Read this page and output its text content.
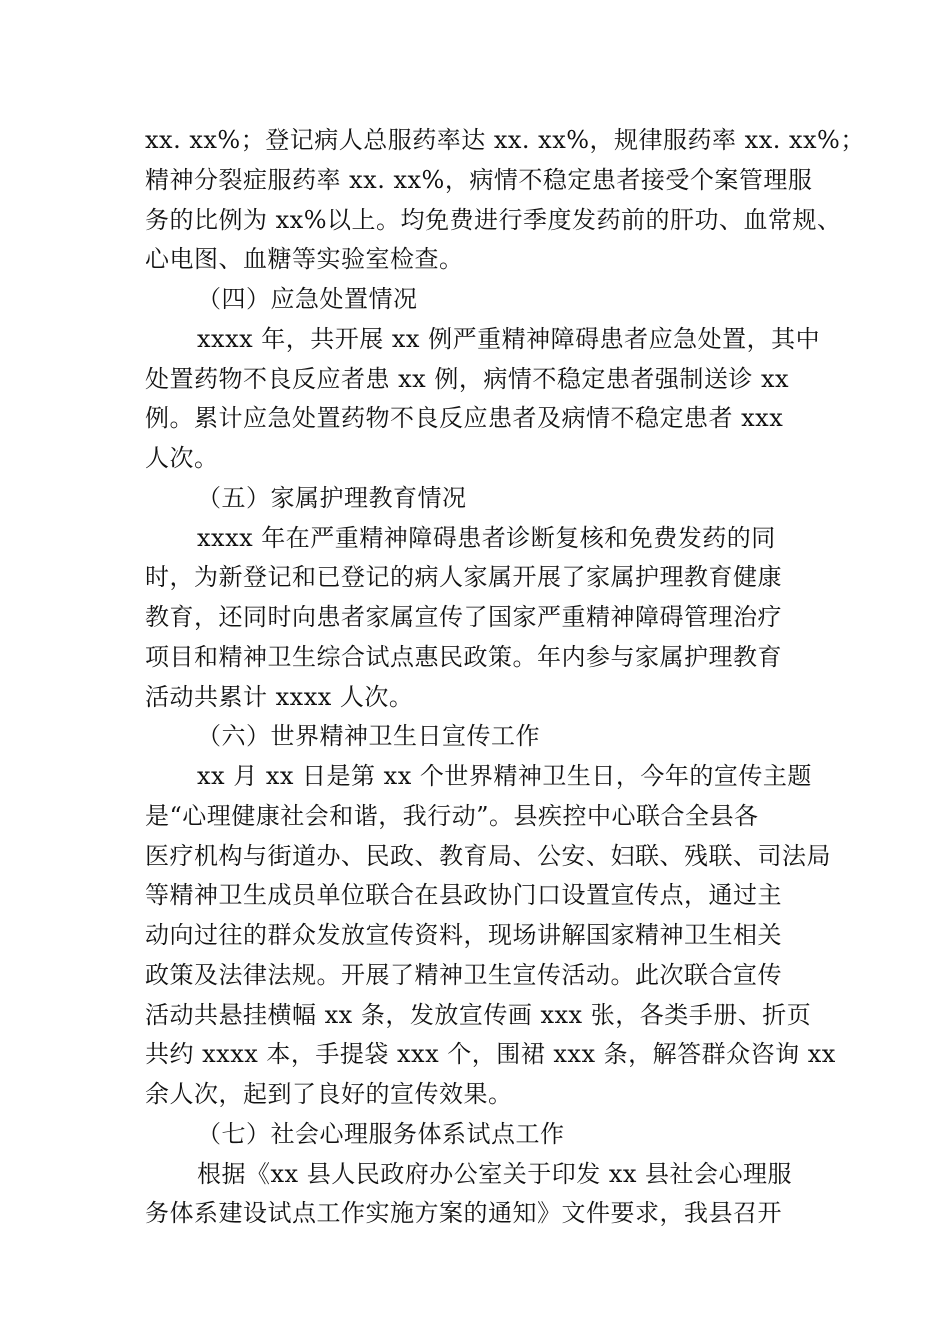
xx. xx%；登记病人总服药率达 xx. xx%，规律服药率 xx. xx%；

精神分裂症服药率 xx. xx%，病情不稳定患者接受个案管理服

务的比例为 xx%以上。均免费进行季度发药前的肝功、血常规、

心电图、血糖等实验室检查。

（四）应急处置情况

xxxx 年，共开展 xx 例严重精神障碍患者应急处置，其中

处置药物不良反应者患 xx 例，病情不稳定患者强制送诊 xx

例。累计应急处置药物不良反应患者及病情不稳定患者 xxx

人次。

（五）家属护理教育情况

xxxx 年在严重精神障碍患者诊断复核和免费发药的同

时，为新登记和已登记的病人家属开展了家属护理教育健康

教育，还同时向患者家属宣传了国家严重精神障碍管理治疗

项目和精神卫生综合试点惠民政策。年内参与家属护理教育

活动共累计 xxxx 人次。

（六）世界精神卫生日宣传工作

xx 月 xx 日是第 xx 个世界精神卫生日，今年的宣传主题

是“心理健康社会和谐，我行动”。县疾控中心联合全县各

医疗机构与街道办、民政、教育局、公安、妇联、残联、司法局

等精神卫生成员单位联合在县政协门口设置宣传点，通过主

动向过往的群众发放宣传资料，现场讲解国家精神卫生相关

政策及法律法规。开展了精神卫生宣传活动。此次联合宣传

活动共悬挂横幅 xx 条，发放宣传画 xxx 张，各类手册、折页

共约 xxxx 本，手提袋 xxx 个，围裙 xxx 条，解答群众咨询 xx

余人次，起到了良好的宣传效果。

（七）社会心理服务体系试点工作

根据《xx 县人民政府办公室关于印发 xx 县社会心理服

务体系建设试点工作实施方案的通知》文件要求，我县召开
